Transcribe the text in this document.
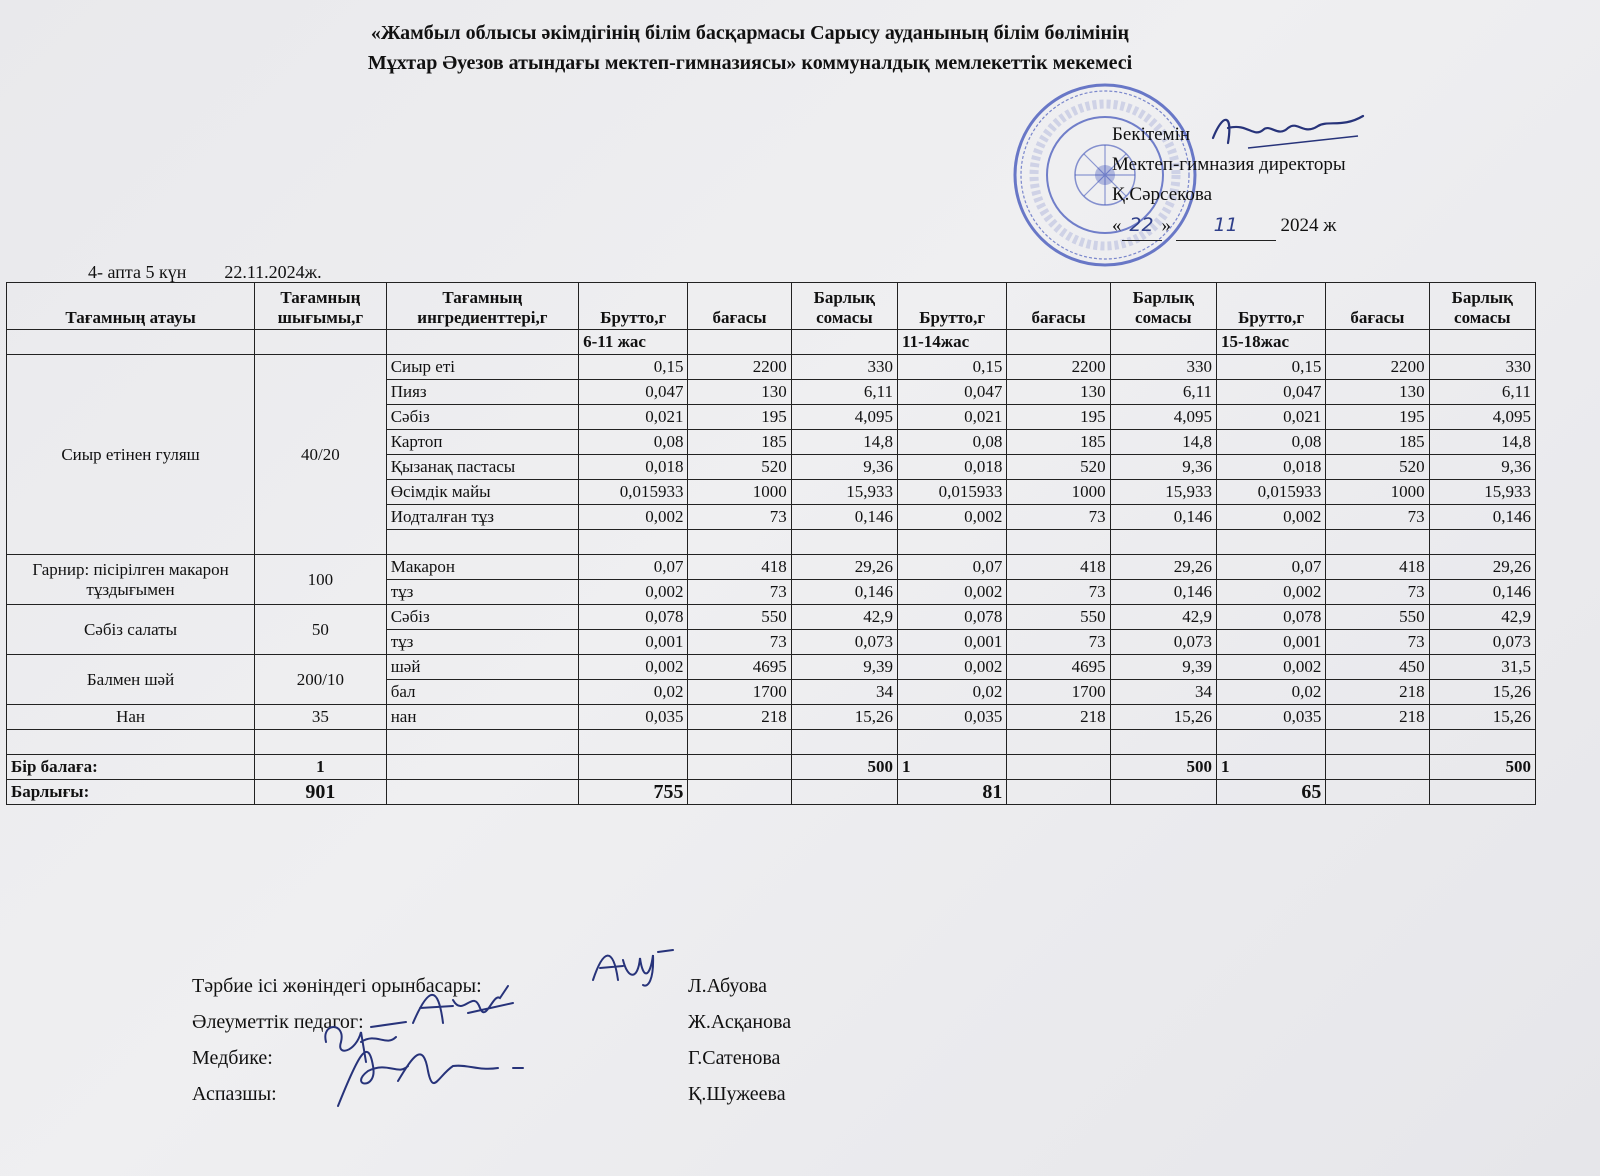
«Жамбыл облысы әкімдігінің білім басқармасы Сарысу ауданының білім бөлімінің
Мұхтар Әуезов атындағы мектеп-гимназиясы» коммуналдық мемлекеттік мекемесі
Бекітемін
Мектеп-гимназия директоры
Қ.Сәрсекова
« 22 » 11 2024 ж
4- апта 5 күн 22.11.2024ж.
Тағамның атауы	Тағамның шығымы,г	Тағамның ингредиенттері,г	Брутто,г	бағасы	Барлық сомасы	Брутто,г	бағасы	Барлық сомасы	Брутто,г	бағасы	Барлық сомасы
			6-11 жас			11-14жас			15-18жас		
Сиыр етінен гуляш	40/20	Сиыр еті	0,15	2200	330	0,15	2200	330	0,15	2200	330
		Пияз	0,047	130	6,11	0,047	130	6,11	0,047	130	6,11
		Сәбіз	0,021	195	4,095	0,021	195	4,095	0,021	195	4,095
		Картоп	0,08	185	14,8	0,08	185	14,8	0,08	185	14,8
		Қызанақ пастасы	0,018	520	9,36	0,018	520	9,36	0,018	520	9,36
		Өсімдік майы	0,015933	1000	15,933	0,015933	1000	15,933	0,015933	1000	15,933
		Иодталған тұз	0,002	73	0,146	0,002	73	0,146	0,002	73	0,146

Гарнир: пісірілген макарон тұздығымен	100	Макарон	0,07	418	29,26	0,07	418	29,26	0,07	418	29,26
		тұз	0,002	73	0,146	0,002	73	0,146	0,002	73	0,146
Сәбіз салаты	50	Сәбіз	0,078	550	42,9	0,078	550	42,9	0,078	550	42,9
		тұз	0,001	73	0,073	0,001	73	0,073	0,001	73	0,073
Балмен шәй	200/10	шәй	0,002	4695	9,39	0,002	4695	9,39	0,002	450	31,5
		бал	0,02	1700	34	0,02	1700	34	0,02	218	15,26
Нан	35	нан	0,035	218	15,26	0,035	218	15,26	0,035	218	15,26

Бір балаға:	1				500	1		500	1		500
Барлығы:	901		755			81			65		
Тәрбие ісі жөніндегі орынбасары:	Л.Абуова
Әлеуметтік педагог:	Ж.Асқанова
Медбике:	Г.Сатенова
Аспазшы:	Қ.Шужеева
